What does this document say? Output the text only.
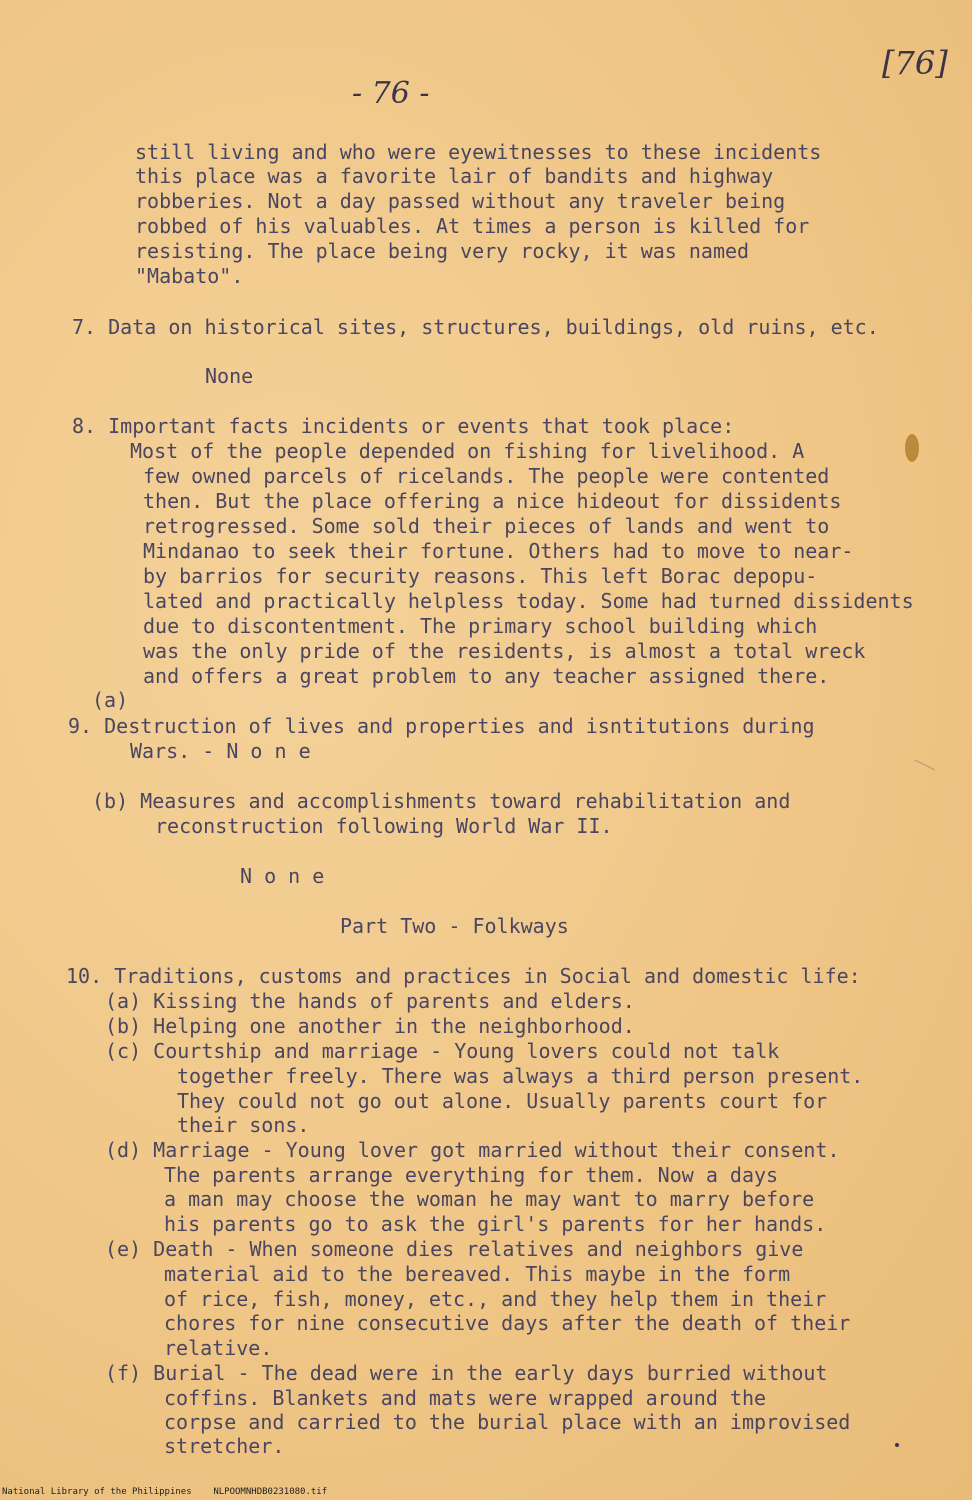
- 76 -
[76]
still living and who were eyewitnesses to these incidents
this place was a favorite lair of bandits and highway
robberies. Not a day passed without any traveler being
robbed of his valuables. At times a person is killed for
resisting. The place being very rocky, it was named
"Mabato".
7. Data on historical sites, structures, buildings, old ruins, etc.
None
8. Important facts incidents or events that took place:
Most of the people depended on fishing for livelihood. A
few owned parcels of ricelands. The people were contented
then. But the place offering a nice hideout for dissidents
retrogressed. Some sold their pieces of lands and went to
Mindanao to seek their fortune. Others had to move to near-
by barrios for security reasons. This left Borac depopu-
lated and practically helpless today. Some had turned dissidents
due to discontentment. The primary school building which
was the only pride of the residents, is almost a total wreck
and offers a great problem to any teacher assigned there.
(a)
9. Destruction of lives and properties and isntitutions during
Wars. - N o n e
(b) Measures and accomplishments toward rehabilitation and
reconstruction following World War II.
N o n e
Part Two - Folkways
10. Traditions, customs and practices in Social and domestic life:
(a) Kissing the hands of parents and elders.
(b) Helping one another in the neighborhood.
(c) Courtship and marriage - Young lovers could not talk
together freely. There was always a third person present.
They could not go out alone. Usually parents court for
their sons.
(d) Marriage - Young lover got married without their consent.
The parents arrange everything for them. Now a days
a man may choose the woman he may want to marry before
his parents go to ask the girl's parents for her hands.
(e) Death - When someone dies relatives and neighbors give
material aid to the bereaved. This maybe in the form
of rice, fish, money, etc., and they help them in their
chores for nine consecutive days after the death of their
relative.
(f) Burial - The dead were in the early days burried without
coffins. Blankets and mats were wrapped around the
corpse and carried to the burial place with an improvised
stretcher.
National Library of the Philippines NLPOOMNHDB0231080.tif
